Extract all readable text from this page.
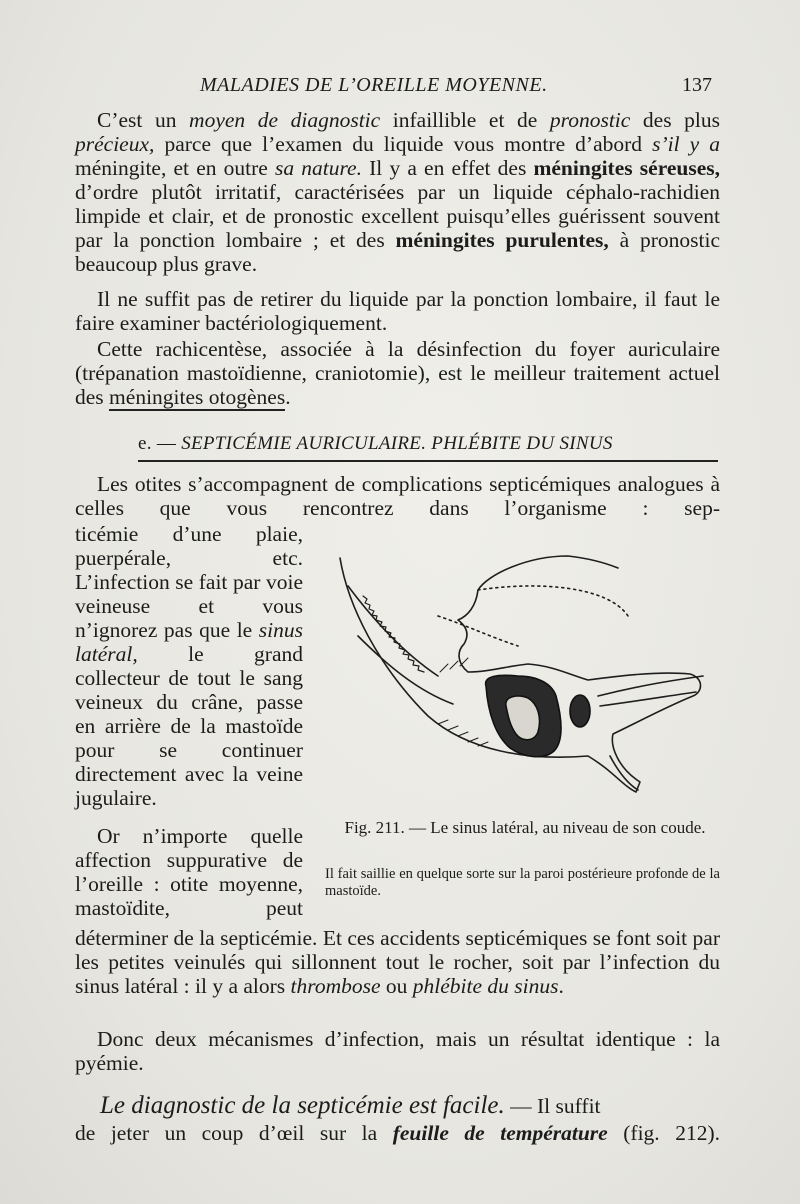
MALADIES DE L’OREILLE MOYENNE.	137
C’est un moyen de diagnostic infaillible et de pronostic des plus précieux, parce que l’examen du liquide vous montre d’abord s’il y a méningite, et en outre sa nature. Il y a en effet des méningites séreuses, d’ordre plutôt irritatif, caractérisées par un liquide céphalo-rachidien limpide et clair, et de pronostic excellent puisqu’elles guérissent souvent par la ponction lombaire ; et des méningites purulentes, à pronostic beaucoup plus grave.
Il ne suffit pas de retirer du liquide par la ponction lombaire, il faut le faire examiner bactériologiquement.
Cette rachicentèse, associée à la désinfection du foyer auriculaire (trépanation mastoïdienne, craniotomie), est le meilleur traitement actuel des méningites otogènes.
e. — SEPTICÉMIE AURICULAIRE. PHLÉBITE DU SINUS
Les otites s’accompagnent de complications septicémiques analogues à celles que vous rencontrez dans l’organisme : sep-
ticémie d’une plaie, puerpérale, etc. L’infection se fait par voie veineuse et vous n’ignorez pas que le sinus latéral, le grand collecteur de tout le sang veineux du crâne, passe en arrière de la mastoïde pour se continuer directement avec la veine jugulaire.
Or n’importe quelle affection suppurative de l’oreille : otite moyenne, mastoïdite, peut
déterminer de la septicémie. Et ces accidents septicémiques se font soit par les petites veinulés qui sillonnent tout le rocher, soit par l’infection du sinus latéral : il y a alors thrombose ou phlébite du sinus.
Donc deux mécanismes d’infection, mais un résultat identique : la pyémie.
Fig. 211. — Le sinus latéral, au niveau de son coude.
Il fait saillie en quelque sorte sur la paroi postérieure profonde de la mastoïde.
Le diagnostic de la septicémie est facile. — Il suffit
de jeter un coup d’œil sur la feuille de température (fig. 212).
